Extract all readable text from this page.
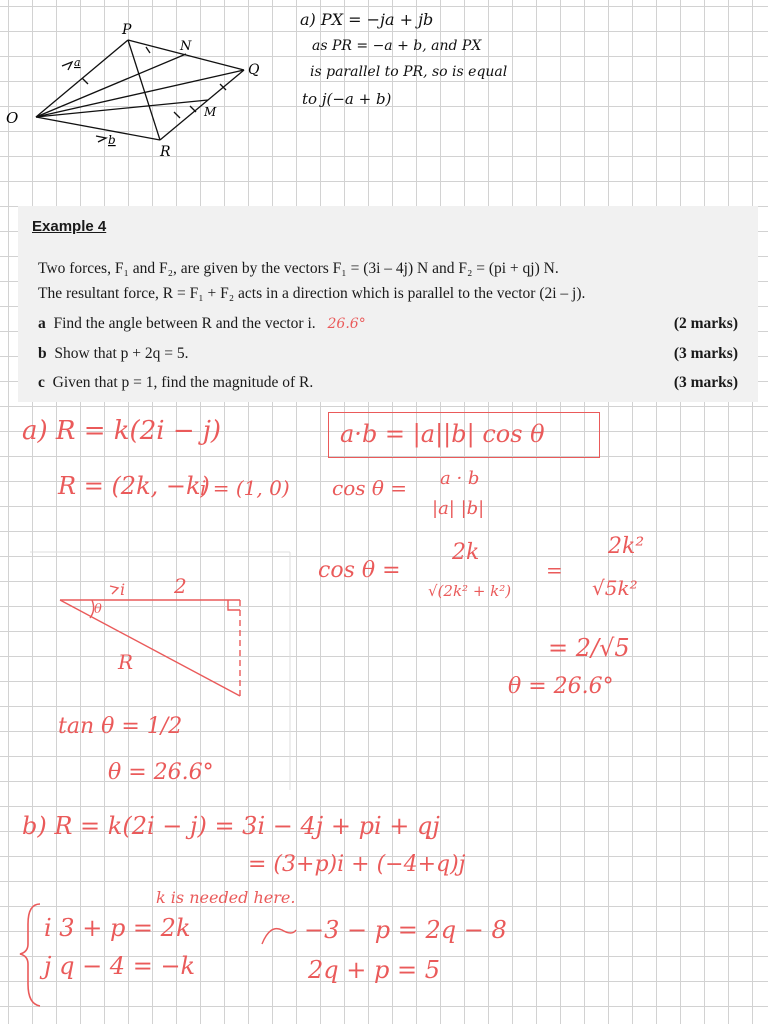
O
P
N
Q
M
R
a
b
a) PX = −ja + jb
as PR = −a + b, and PX
is parallel to PR, so is equal
to j(−a + b)
Example 4
Two forces, F₁ and F₂, are given by the vectors F₁ = (3i – 4j) N and F₂ = (pi + qj) N.
The resultant force, R = F₁ + F₂ acts in a direction which is parallel to the vector (2i – j).
a Find the angle between R and the vector i. 26.6°	(2 marks)
b Show that p + 2q = 5.	(3 marks)
c Given that p = 1, find the magnitude of R.	(3 marks)
a) R = k(2i − j)
R = (2k, −k)
i = (1, 0)
a·b = |a||b| cos θ
cos θ = a · b
|a| |b|
cos θ =
2k
√(2k² + k²)
=
2k²
√5k²
= 2/√5
θ = 26.6°
i 2
θ
R
tan θ = 1/2
θ = 26.6°
b) R = k(2i − j) = 3i − 4j + pi + qj
= (3+p)i + (−4+q)j
k is needed here.
i 3 + p = 2k
j q − 4 = −k
−3 − p = 2q − 8
2q + p = 5
